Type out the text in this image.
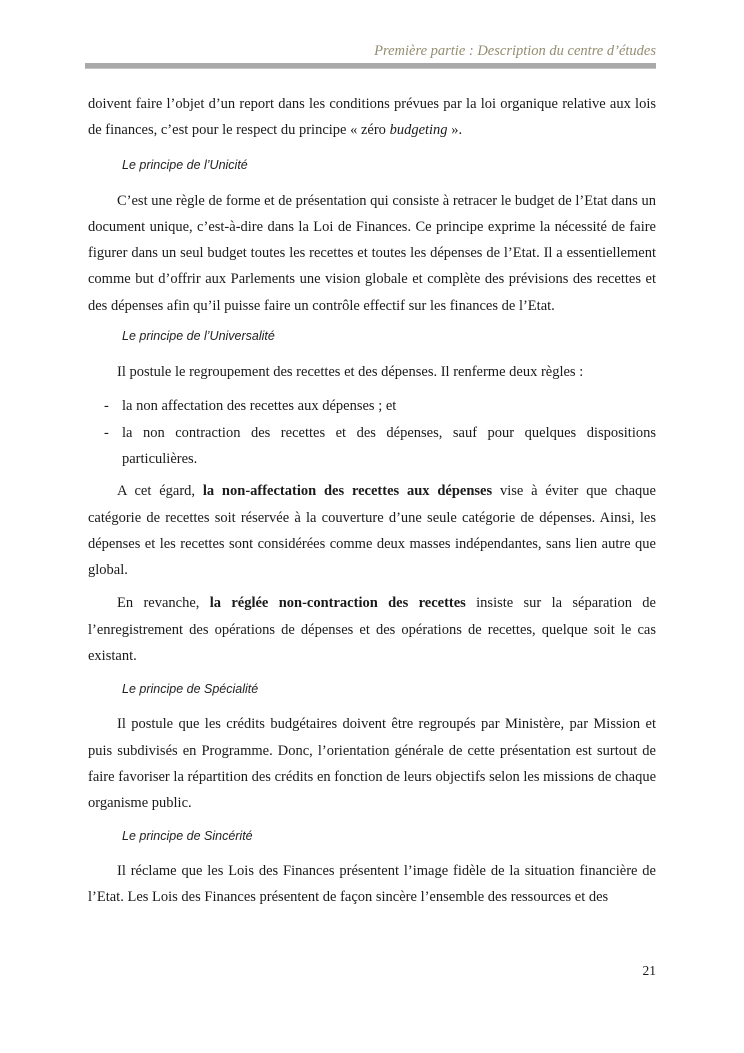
Première partie : Description du centre d’études

doivent faire l’objet d’un report dans les conditions prévues par la loi organique relative aux lois de finances, c’est pour le respect du principe « zéro budgeting ».

Le principe de l’Unicité

C’est une règle de forme et de présentation qui consiste à retracer le budget de l’Etat dans un document unique, c’est-à-dire dans la Loi de Finances. Ce principe exprime la nécessité de faire figurer dans un seul budget toutes les recettes et toutes les dépenses de l’Etat. Il a essentiellement comme but d’offrir aux Parlements une vision globale et complète des prévisions des recettes et des dépenses afin qu’il puisse faire un contrôle effectif sur les finances de l’Etat.

Le principe de l’Universalité

Il postule le regroupement des recettes et des dépenses. Il renferme deux règles :

- la non affectation des recettes aux dépenses ; et
- la non contraction des recettes et des dépenses, sauf pour quelques dispositions particulières.

A cet égard, la non-affectation des recettes aux dépenses vise à éviter que chaque catégorie de recettes soit réservée à la couverture d’une seule catégorie de dépenses. Ainsi, les dépenses et les recettes sont considérées comme deux masses indépendantes, sans lien autre que global.

En revanche, la réglée non-contraction des recettes insiste sur la séparation de l’enregistrement des opérations de dépenses et des opérations de recettes, quelque soit le cas existant.

Le principe de Spécialité

Il postule que les crédits budgétaires doivent être regroupés par Ministère, par Mission et puis subdivisés en Programme. Donc, l’orientation générale de cette présentation est surtout de faire favoriser la répartition des crédits en fonction de leurs objectifs selon les missions de chaque organisme public.

Le principe de Sincérité

Il réclame que les Lois des Finances présentent l’image fidèle de la situation financière de l’Etat. Les Lois des Finances présentent de façon sincère l’ensemble des ressources et des

21
